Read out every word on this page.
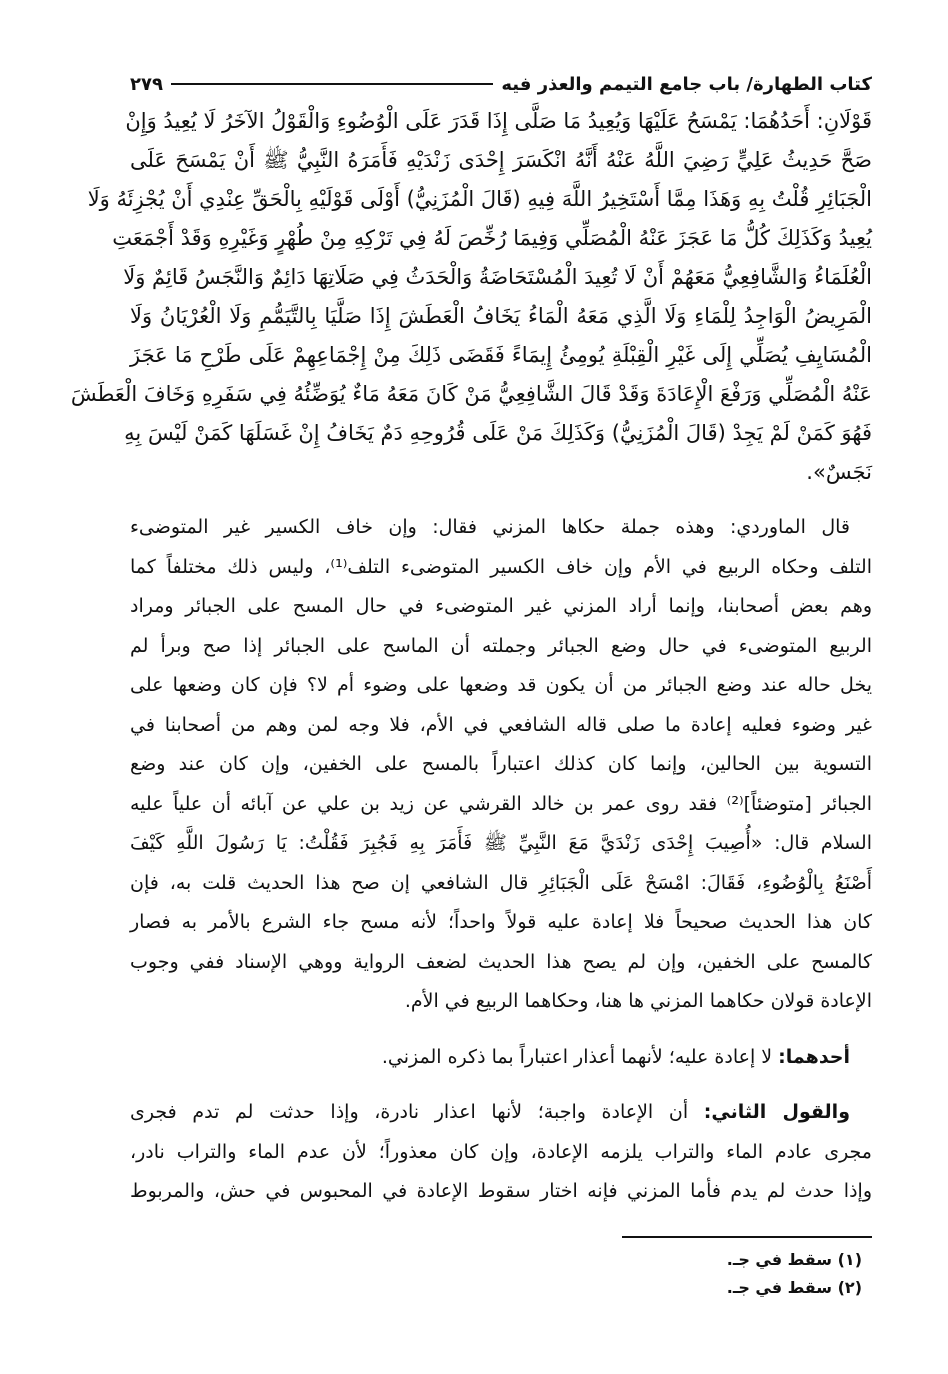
كتاب الطهارة/ باب جامع التيمم والعذر فيه
٢٧٩
قَوْلَانِ: أَحَدُهُمَا: يَمْسَحُ عَلَيْهَا وَيُعِيدُ مَا صَلَّى إِذَا قَدَرَ عَلَى الْوُضُوءِ وَالْقَوْلُ الآخَرُ لَا يُعِيدُ وَإِنْ
صَحَّ حَدِيثُ عَلِيٍّ رَضِيَ اللَّهُ عَنْهُ أَنَّهُ انْكَسَرَ إِحْدَى زَنْدَيْهِ فَأَمَرَهُ النَّبِيُّ ﷺ أَنْ يَمْسَحَ عَلَى
الْجَبَائِرِ قُلْتُ بِهِ وَهَذَا مِمَّا أَسْتَخِيرُ اللَّهَ فِيهِ (قَالَ الْمُزَنِيُّ) أَوْلَى قَوْلَيْهِ بِالْحَقِّ عِنْدِي أَنْ يُجْزِئَهُ وَلَا
يُعِيدُ وَكَذَلِكَ كُلُّ مَا عَجَزَ عَنْهُ الْمُصَلِّي وَفِيمَا رُخِّصَ لَهُ فِي تَرْكِهِ مِنْ طُهْرٍ وَغَيْرِهِ وَقَدْ أَجْمَعَتِ
الْعُلَمَاءُ وَالشَّافِعِيُّ مَعَهُمْ أَنْ لَا تُعِيدَ الْمُسْتَحَاضَةُ وَالْحَدَثُ فِي صَلَاتِهَا دَائِمٌ وَالنَّجَسُ قَائِمٌ وَلَا
الْمَرِيضُ الْوَاجِدُ لِلْمَاءِ وَلَا الَّذِي مَعَهُ الْمَاءُ يَخَافُ الْعَطَشَ إِذَا صَلَّيَا بِالتَّيَمُّمِ وَلَا الْعُرْيَانُ وَلَا
الْمُسَايِفِ يُصَلِّي إِلَى غَيْرِ الْقِبْلَةِ يُومِئُ إِيمَاءً فَقَضَى ذَلِكَ مِنْ إِجْمَاعِهِمْ عَلَى طَرْحِ مَا عَجَزَ
عَنْهُ الْمُصَلِّي وَرَفْعَ الْإِعَادَةَ وَقَدْ قَالَ الشَّافِعِيُّ مَنْ كَانَ مَعَهُ مَاءٌ يُوَضِّئُهُ فِي سَفَرِهِ وَخَافَ الْعَطَشَ
فَهُوَ كَمَنْ لَمْ يَجِدْ (قَالَ الْمُزَنِيُّ) وَكَذَلِكَ مَنْ عَلَى قُرُوحِهِ دَمٌ يَخَافُ إِنْ غَسَلَهَا كَمَنْ لَيْسَ بِهِ
نَجَسٌ».
قال الماوردي: وهذه جملة حكاها المزني فقال: وإن خاف الكسير غير المتوضىء
التلف وحكاه الربيع في الأم وإن خاف الكسير المتوضىء التلف⁽¹⁾، وليس ذلك مختلفاً كما
وهم بعض أصحابنا، وإنما أراد المزني غير المتوضىء في حال المسح على الجبائر ومراد
الربيع المتوضىء في حال وضع الجبائر وجملته أن الماسح على الجبائر إذا صح وبرأ لم
يخل حاله عند وضع الجبائر من أن يكون قد وضعها على وضوء أم لا؟ فإن كان وضعها على
غير وضوء فعليه إعادة ما صلى قاله الشافعي في الأم، فلا وجه لمن وهم من أصحابنا في
التسوية بين الحالين، وإنما كان كذلك اعتباراً بالمسح على الخفين، وإن كان عند وضع
الجبائر [متوضئاً]⁽²⁾ فقد روى عمر بن خالد القرشي عن زيد بن علي عن آبائه أن علياً عليه
السلام قال: «أُصِيبَ إِحْدَى زَنْدَيَّ مَعَ النَّبِيِّ ﷺ فَأَمَرَ بِهِ فَجُبِرَ فَقُلْتُ: يَا رَسُولَ اللَّهِ كَيْفَ
أَصْنَعُ بِالْوُضُوءِ، فَقَالَ: امْسَحْ عَلَى الْجَبَائِرِ قال الشافعي إن صح هذا الحديث قلت به، فإن
كان هذا الحديث صحيحاً فلا إعادة عليه قولاً واحداً؛ لأنه مسح جاء الشرع بالأمر به فصار
كالمسح على الخفين، وإن لم يصح هذا الحديث لضعف الرواية ووهي الإسناد ففي وجوب
الإعادة قولان حكاهما المزني ها هنا، وحكاهما الربيع في الأم.
أحدهما: لا إعادة عليه؛ لأنهما أعذار اعتباراً بما ذكره المزني.
والقول الثاني: أن الإعادة واجبة؛ لأنها اعذار نادرة، وإذا حدثت لم تدم فجرى
مجرى عادم الماء والتراب يلزمه الإعادة، وإن كان معذوراً؛ لأن عدم الماء والتراب نادر،
وإذا حدث لم يدم فأما المزني فإنه اختار سقوط الإعادة في المحبوس في حش، والمربوط
(١) سقط في جـ.
(٢) سقط في جـ.
